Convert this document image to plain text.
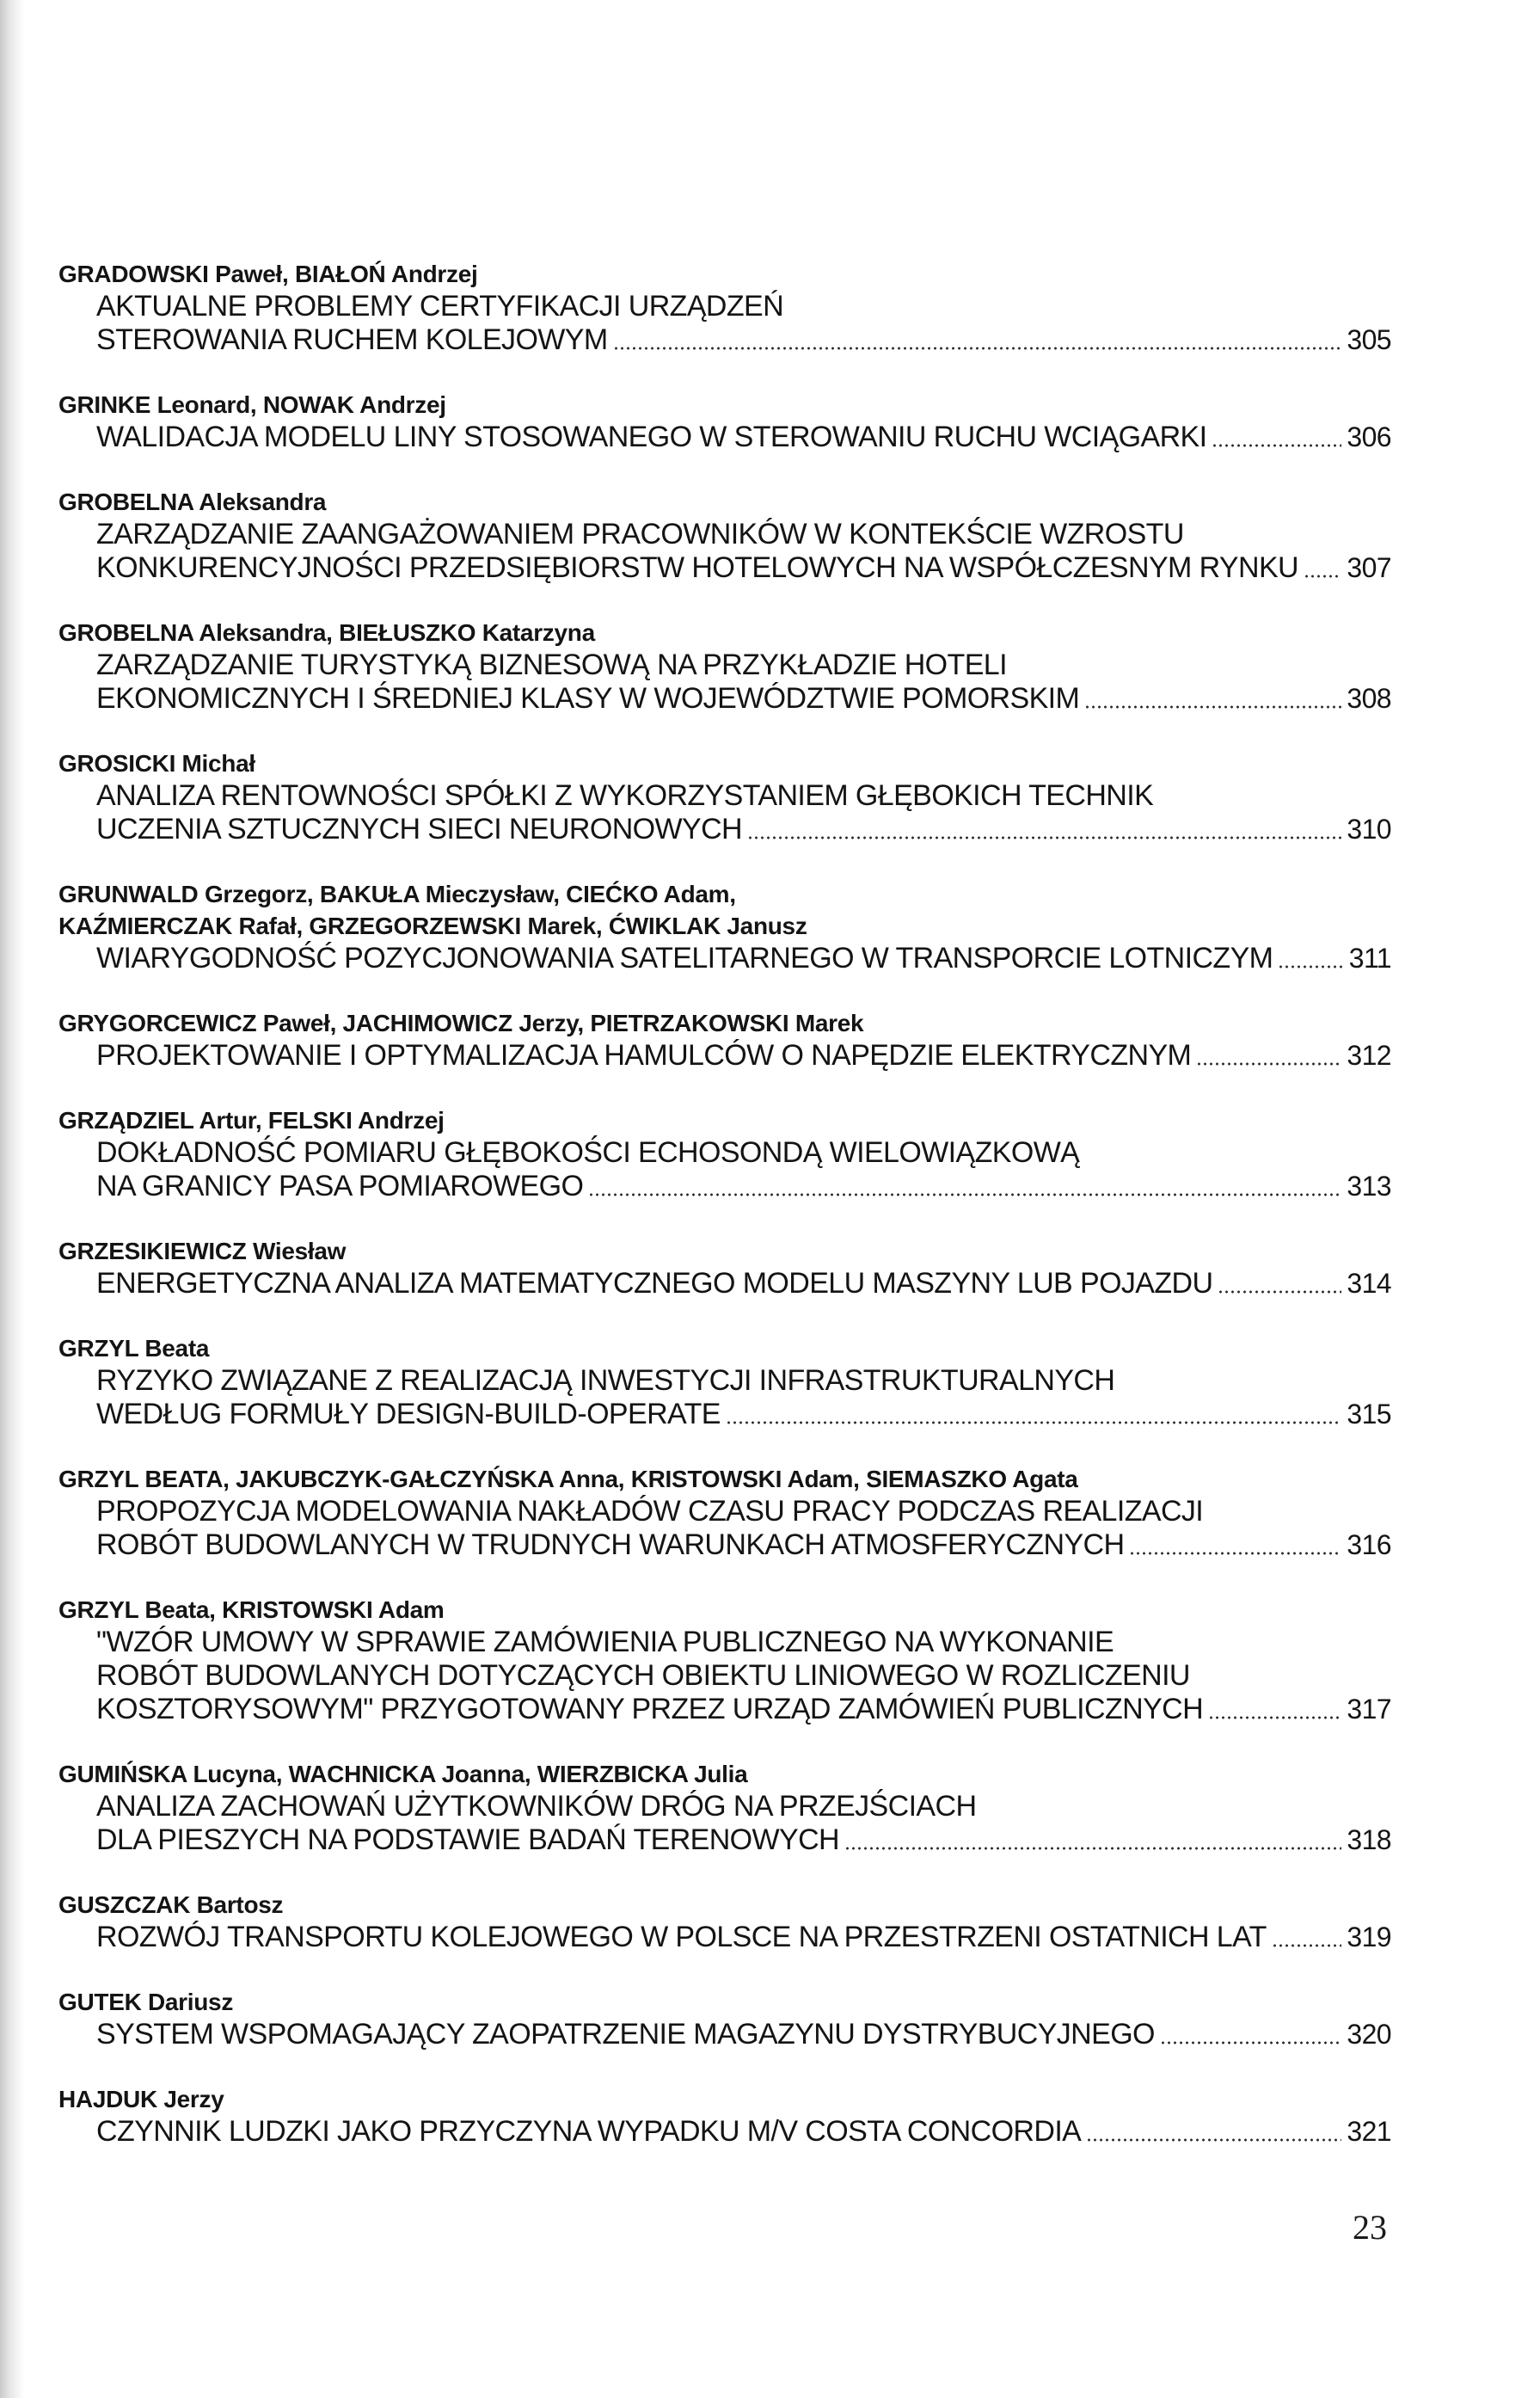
GRADOWSKI Paweł, BIAŁOŃ Andrzej
AKTUALNE PROBLEMY CERTYFIKACJI URZĄDZEŃ
STEROWANIA RUCHEM KOLEJOWYM	305
GRINKE Leonard, NOWAK Andrzej
WALIDACJA MODELU LINY STOSOWANEGO W STEROWANIU RUCHU WCIĄGARKI	306
GROBELNA Aleksandra
ZARZĄDZANIE ZAANGAŻOWANIEM PRACOWNIKÓW W KONTEKŚCIE WZROSTU
KONKURENCYJNOŚCI PRZEDSIĘBIORSTW HOTELOWYCH NA WSPÓŁCZESNYM RYNKU 307
GROBELNA Aleksandra, BIEŁUSZKO Katarzyna
ZARZĄDZANIE TURYSTYKĄ BIZNESOWĄ NA PRZYKŁADZIE HOTELI
EKONOMICZNYCH I ŚREDNIEJ KLASY W WOJEWÓDZTWIE POMORSKIM	308
GROSICKI Michał
ANALIZA RENTOWNOŚCI SPÓŁKI Z WYKORZYSTANIEM GŁĘBOKICH TECHNIK
UCZENIA SZTUCZNYCH SIECI NEURONOWYCH	310
GRUNWALD Grzegorz, BAKUŁA Mieczysław, CIEĆKO Adam,
KAŹMIERCZAK Rafał, GRZEGORZEWSKI Marek, ĆWIKLAK Janusz
WIARYGODNOŚĆ POZYCJONOWANIA SATELITARNEGO W TRANSPORCIE LOTNICZYM	311
GRYGORCEWICZ Paweł, JACHIMOWICZ Jerzy, PIETRZAKOWSKI Marek
PROJEKTOWANIE I OPTYMALIZACJA HAMULCÓW O NAPĘDZIE ELEKTRYCZNYM	312
GRZĄDZIEL Artur, FELSKI Andrzej
DOKŁADNOŚĆ POMIARU GŁĘBOKOŚCI ECHOSONDĄ WIELOWIĄZKOWĄ
NA GRANICY PASA POMIAROWEGO	313
GRZESIKIEWICZ Wiesław
ENERGETYCZNA ANALIZA MATEMATYCZNEGO MODELU MASZYNY LUB POJAZDU	314
GRZYL Beata
RYZYKO ZWIĄZANE Z REALIZACJĄ INWESTYCJI INFRASTRUKTURALNYCH
WEDŁUG FORMUŁY DESIGN-BUILD-OPERATE	315
GRZYL BEATA, JAKUBCZYK-GAŁCZYŃSKA Anna, KRISTOWSKI Adam, SIEMASZKO Agata
PROPOZYCJA MODELOWANIA NAKŁADÓW CZASU PRACY PODCZAS REALIZACJI
ROBÓT BUDOWLANYCH W TRUDNYCH WARUNKACH ATMOSFERYCZNYCH	316
GRZYL Beata, KRISTOWSKI Adam
"WZÓR UMOWY W SPRAWIE ZAMÓWIENIA PUBLICZNEGO NA WYKONANIE
ROBÓT BUDOWLANYCH DOTYCZĄCYCH OBIEKTU LINIOWEGO W ROZLICZENIU
KOSZTORYSOWYM" PRZYGOTOWANY PRZEZ URZĄD ZAMÓWIEŃ PUBLICZNYCH	317
GUMIŃSKA Lucyna, WACHNICKA Joanna, WIERZBICKA Julia
ANALIZA ZACHOWAŃ UŻYTKOWNIKÓW DRÓG NA PRZEJŚCIACH
DLA PIESZYCH NA PODSTAWIE BADAŃ TERENOWYCH	318
GUSZCZAK Bartosz
ROZWÓJ TRANSPORTU KOLEJOWEGO W POLSCE NA PRZESTRZENI OSTATNICH LAT	319
GUTEK Dariusz
SYSTEM WSPOMAGAJĄCY ZAOPATRZENIE MAGAZYNU DYSTRYBUCYJNEGO	320
HAJDUK Jerzy
CZYNNIK LUDZKI JAKO PRZYCZYNA WYPADKU M/V COSTA CONCORDIA	321
23
